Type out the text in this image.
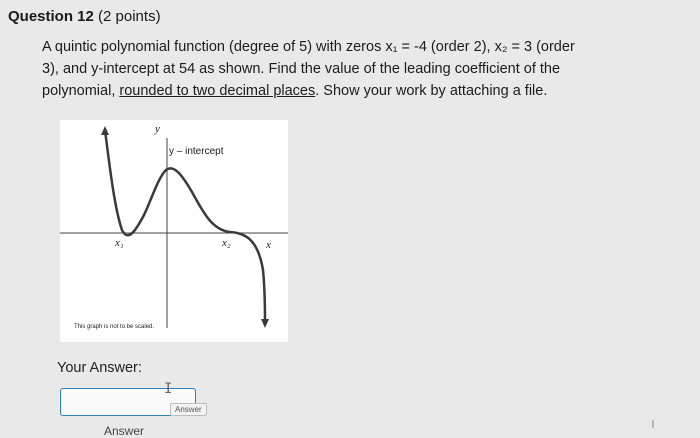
Question 12 (2 points)
A quintic polynomial function (degree of 5) with zeros x₁ = -4 (order 2), x₂ = 3 (order
3), and y-intercept at 54 as shown. Find the value of the leading coefficient of the
polynomial, rounded to two decimal places. Show your work by attaching a file.
y
y – intercept
x₁	x₂	x
This graph is not to be scaled.
Your Answer:
I
Answer
Answer
